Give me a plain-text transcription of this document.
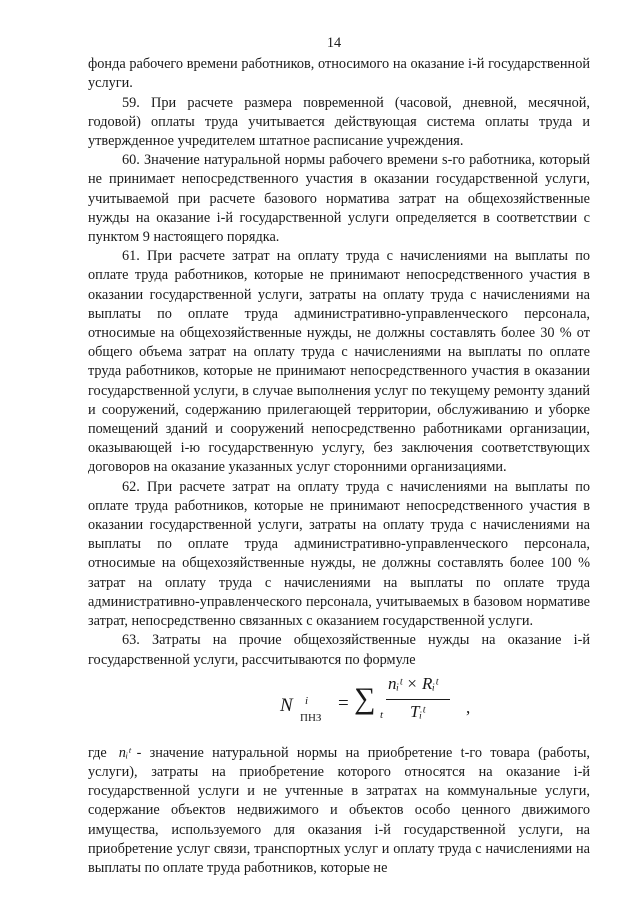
14

фонда рабочего времени работников, относимого на оказание i-й государственной услуги.

59. При расчете размера повременной (часовой, дневной, месячной, годовой) оплаты труда учитывается действующая система оплаты труда и утвержденное учредителем штатное расписание учреждения.

60. Значение натуральной нормы рабочего времени s-го работника, который не принимает непосредственного участия в оказании государственной услуги, учитываемой при расчете базового норматива затрат на общехозяйственные нужды на оказание i-й государственной услуги определяется в соответствии с пунктом 9 настоящего порядка.

61. При расчете затрат на оплату труда с начислениями на выплаты по оплате труда работников, которые не принимают непосредственного участия в оказании государственной услуги, затраты на оплату труда с начислениями на выплаты по оплате труда административно-управленческого персонала, относимые на общехозяйственные нужды, не должны составлять более 30 % от общего объема затрат на оплату труда с начислениями на выплаты по оплате труда работников, которые не принимают непосредственного участия в оказании государственной услуги, в случае выполнения услуг по текущему ремонту зданий и сооружений, содержанию прилегающей территории, обслуживанию и уборке помещений зданий и сооружений непосредственно работниками организации, оказывающей i-ю государственную услугу, без заключения соответствующих договоров на оказание указанных услуг сторонними организациями.

62. При расчете затрат на оплату труда с начислениями на выплаты по оплате труда работников, которые не принимают непосредственного участия в оказании государственной услуги, затраты на оплату труда с начислениями на выплаты по оплате труда административно-управленческого персонала, относимые на общехозяйственные нужды, не должны составлять более 100 % затрат на оплату труда с начислениями на выплаты по оплате труда административно-управленческого персонала, учитываемых в базовом нормативе затрат, непосредственно связанных с оказанием государственной услуги.

63. Затраты на прочие общехозяйственные нужды на оказание i-й государственной услуги, рассчитываются по формуле

N i
ПНЗ
= ∑ t
nᵢᵗ × Rᵢᵗ
Tᵢᵗ ,

где nᵢᵗ - значение натуральной нормы на приобретение t-го товара (работы, услуги), затраты на приобретение которого относятся на оказание i-й государственной услуги и не учтенные в затратах на коммунальные услуги, содержание объектов недвижимого и объектов особо ценного движимого имущества, используемого для оказания i-й государственной услуги, на приобретение услуг связи, транспортных услуг и оплату труда с начислениями на выплаты по оплате труда работников, которые не
